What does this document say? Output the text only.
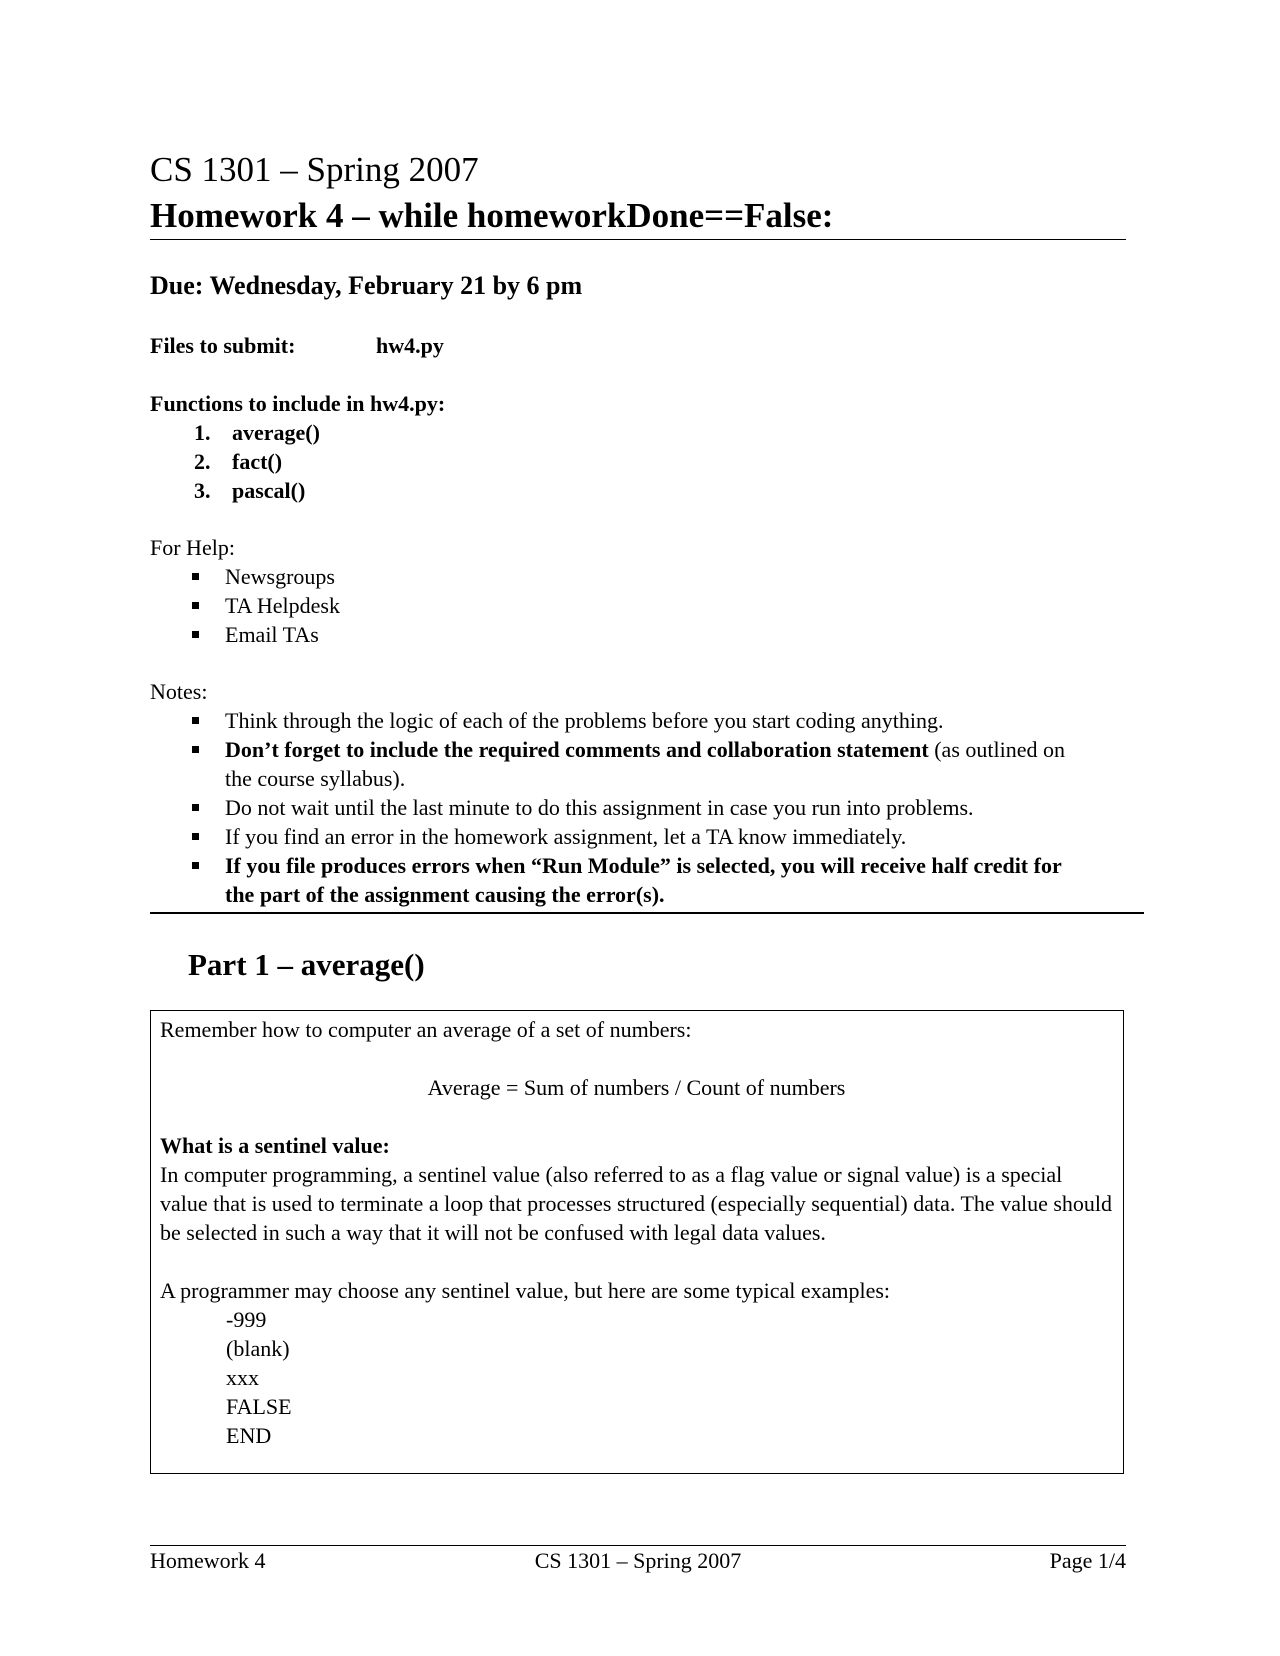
CS 1301 – Spring 2007
Homework 4 – while homeworkDone==False:
Due: Wednesday, February 21 by 6 pm
Files to submit:	hw4.py
Functions to include in hw4.py:
1. average()
2. fact()
3. pascal()
For Help:
Newsgroups
TA Helpdesk
Email TAs
Notes:
Think through the logic of each of the problems before you start coding anything.
Don’t forget to include the required comments and collaboration statement (as outlined on the course syllabus).
Do not wait until the last minute to do this assignment in case you run into problems.
If you find an error in the homework assignment, let a TA know immediately.
If you file produces errors when “Run Module” is selected, you will receive half credit for the part of the assignment causing the error(s).
Part 1 – average()
Remember how to computer an average of a set of numbers:
Average = Sum of numbers / Count of numbers
What is a sentinel value:
In computer programming, a sentinel value (also referred to as a flag value or signal value) is a special value that is used to terminate a loop that processes structured (especially sequential) data. The value should be selected in such a way that it will not be confused with legal data values.
A programmer may choose any sentinel value, but here are some typical examples:
-999
(blank)
xxx
FALSE
END
Homework 4	CS 1301 – Spring 2007	Page 1/4
